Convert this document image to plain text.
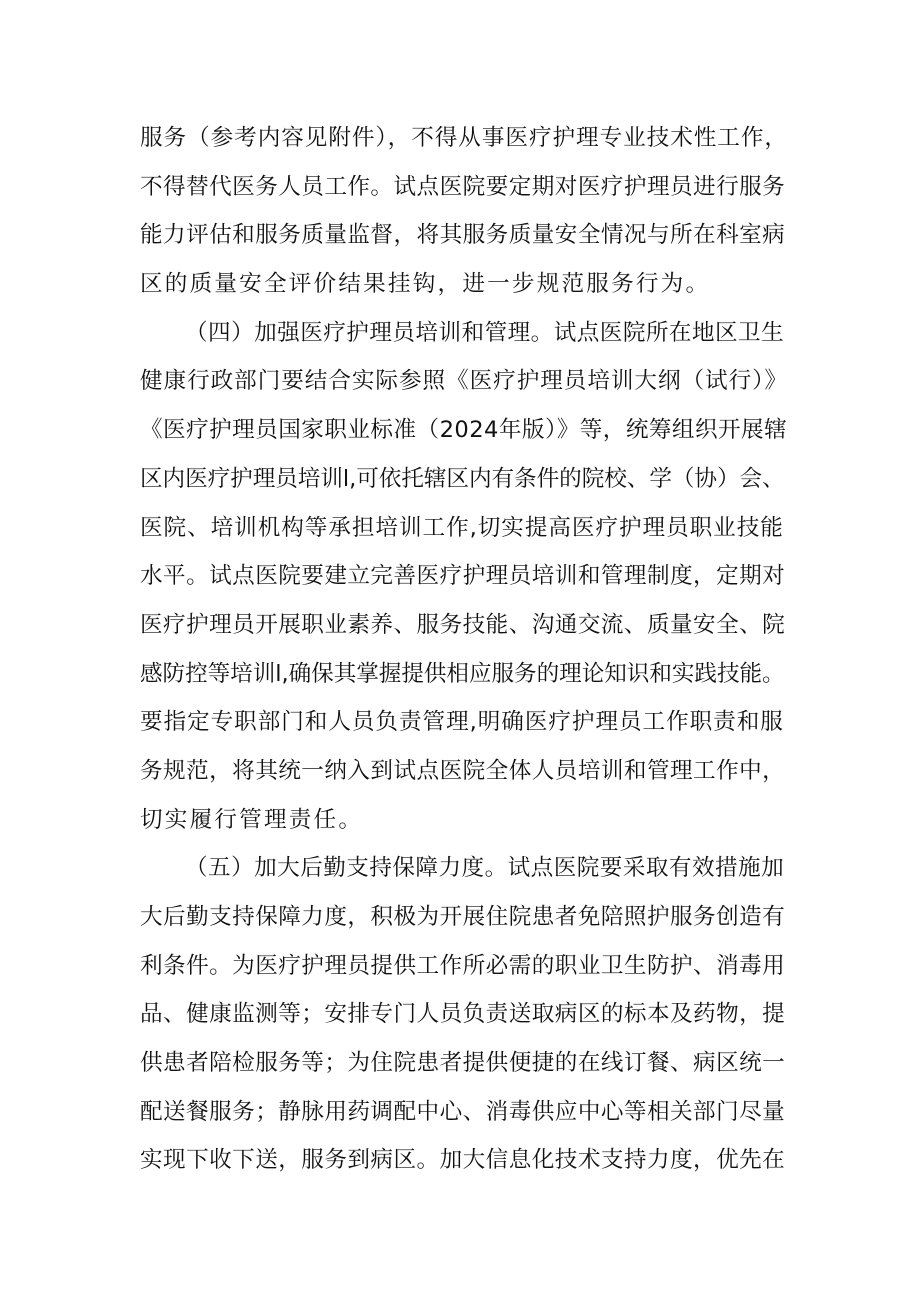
服务（参考内容见附件），不得从事医疗护理专业技术性工作，
不得替代医务人员工作。试点医院要定期对医疗护理员进行服务
能力评估和服务质量监督，将其服务质量安全情况与所在科室病
区的质量安全评价结果挂钩，进一步规范服务行为。
（四）加强医疗护理员培训和管理。试点医院所在地区卫生
健康行政部门要结合实际参照《医疗护理员培训大纲（试行）》
《医疗护理员国家职业标准（2024年版）》等，统筹组织开展辖
区内医疗护理员培训l,可依托辖区内有条件的院校、学（协）会、
医院、培训机构等承担培训工作,切实提高医疗护理员职业技能
水平。试点医院要建立完善医疗护理员培训和管理制度，定期对
医疗护理员开展职业素养、服务技能、沟通交流、质量安全、院
感防控等培训l,确保其掌握提供相应服务的理论知识和实践技能。
要指定专职部门和人员负责管理,明确医疗护理员工作职责和服
务规范，将其统一纳入到试点医院全体人员培训和管理工作中，
切实履行管理责任。
（五）加大后勤支持保障力度。试点医院要采取有效措施加
大后勤支持保障力度，积极为开展住院患者免陪照护服务创造有
利条件。为医疗护理员提供工作所必需的职业卫生防护、消毒用
品、健康监测等；安排专门人员负责送取病区的标本及药物，提
供患者陪检服务等；为住院患者提供便捷的在线订餐、病区统一
配送餐服务；静脉用药调配中心、消毒供应中心等相关部门尽量
实现下收下送，服务到病区。加大信息化技术支持力度，优先在
